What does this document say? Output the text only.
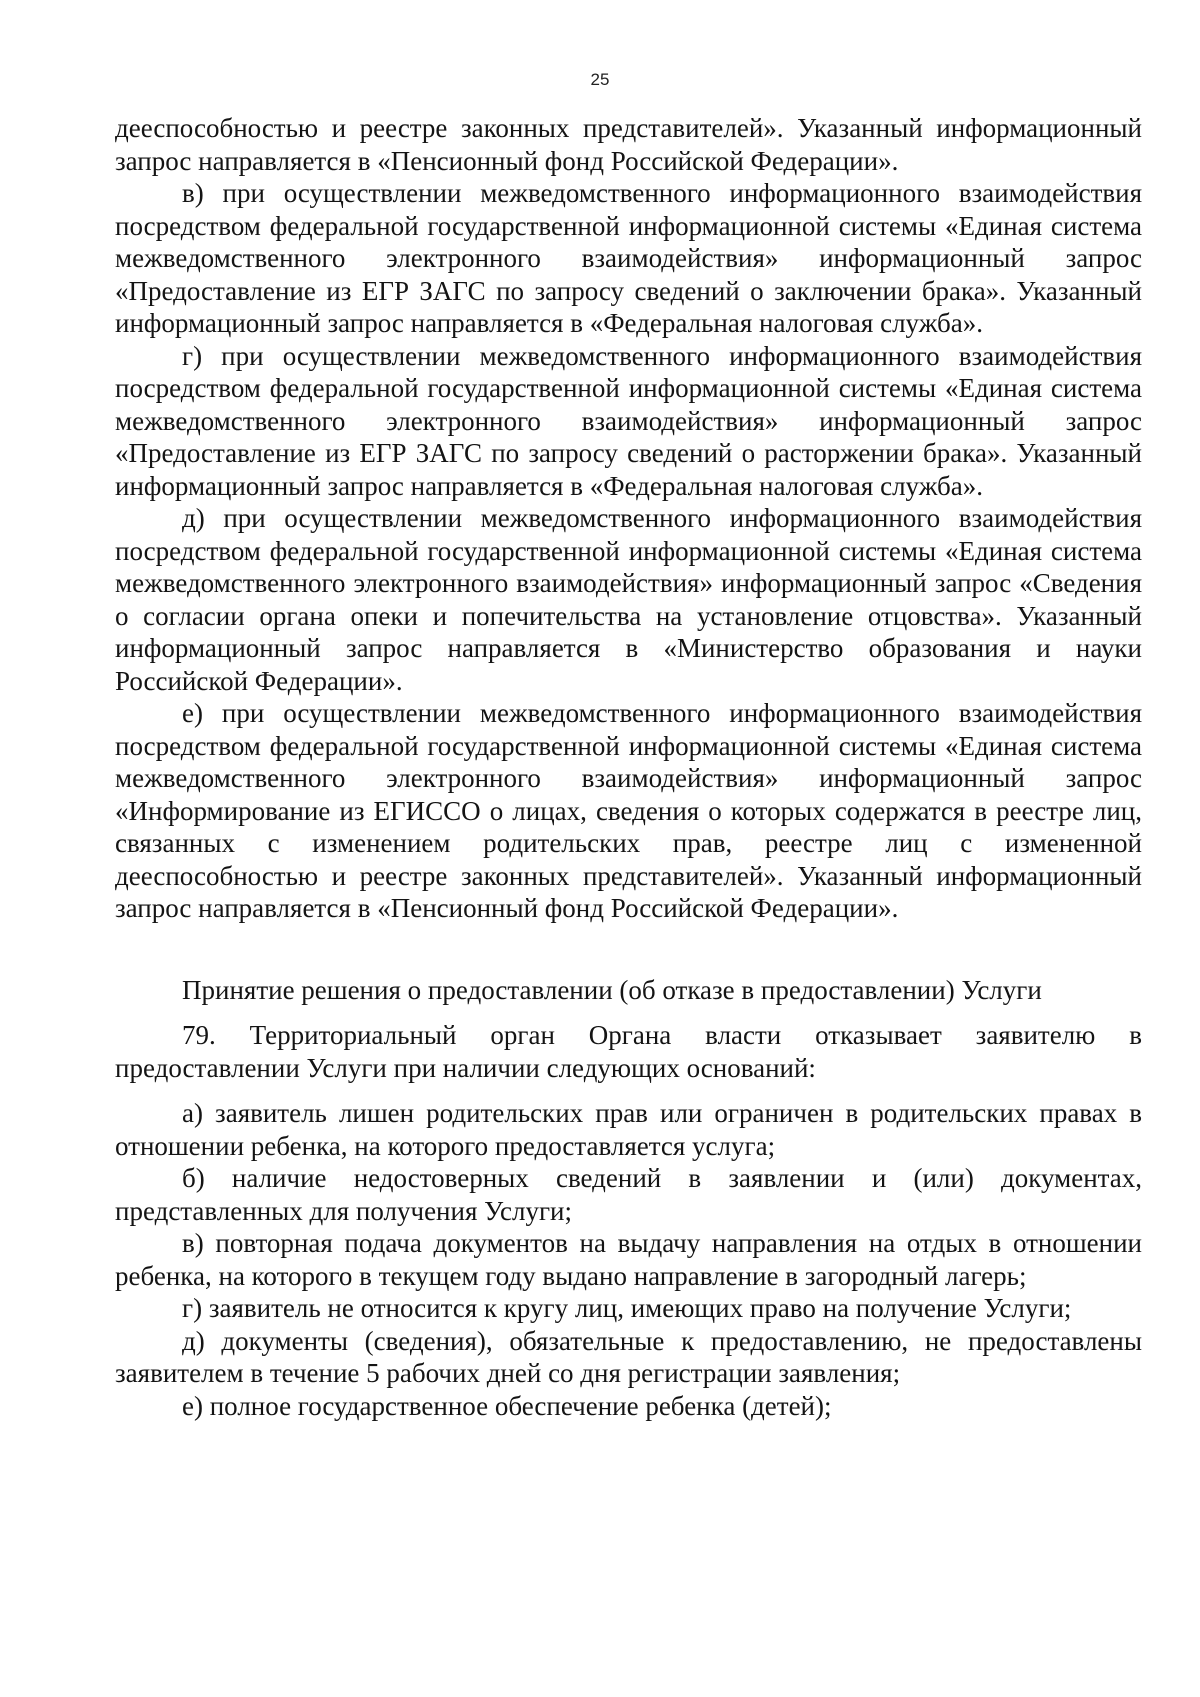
25

дееспособностью и реестре законных представителей». Указанный информационный запрос направляется в «Пенсионный фонд Российской Федерации».

в) при осуществлении межведомственного информационного взаимодействия посредством федеральной государственной информационной системы «Единая система межведомственного электронного взаимодействия» информационный запрос «Предоставление из ЕГР ЗАГС по запросу сведений о заключении брака». Указанный информационный запрос направляется в «Федеральная налоговая служба».

г) при осуществлении межведомственного информационного взаимодействия посредством федеральной государственной информационной системы «Единая система межведомственного электронного взаимодействия» информационный запрос «Предоставление из ЕГР ЗАГС по запросу сведений о расторжении брака». Указанный информационный запрос направляется в «Федеральная налоговая служба».

д) при осуществлении межведомственного информационного взаимодействия посредством федеральной государственной информационной системы «Единая система межведомственного электронного взаимодействия» информационный запрос «Сведения о согласии органа опеки и попечительства на установление отцовства». Указанный информационный запрос направляется в «Министерство образования и науки Российской Федерации».

е) при осуществлении межведомственного информационного взаимодействия посредством федеральной государственной информационной системы «Единая система межведомственного электронного взаимодействия» информационный запрос «Информирование из ЕГИССО о лицах, сведения о которых содержатся в реестре лиц, связанных с изменением родительских прав, реестре лиц с измененной дееспособностью и реестре законных представителей». Указанный информационный запрос направляется в «Пенсионный фонд Российской Федерации».

Принятие решения о предоставлении (об отказе в предоставлении) Услуги

79. Территориальный орган Органа власти отказывает заявителю в предоставлении Услуги при наличии следующих оснований:

а) заявитель лишен родительских прав или ограничен в родительских правах в отношении ребенка, на которого предоставляется услуга;

б) наличие недостоверных сведений в заявлении и (или) документах, представленных для получения Услуги;

в) повторная подача документов на выдачу направления на отдых в отношении ребенка, на которого в текущем году выдано направление в загородный лагерь;

г) заявитель не относится к кругу лиц, имеющих право на получение Услуги;

д) документы (сведения), обязательные к предоставлению, не предоставлены заявителем в течение 5 рабочих дней со дня регистрации заявления;

е) полное государственное обеспечение ребенка (детей);
